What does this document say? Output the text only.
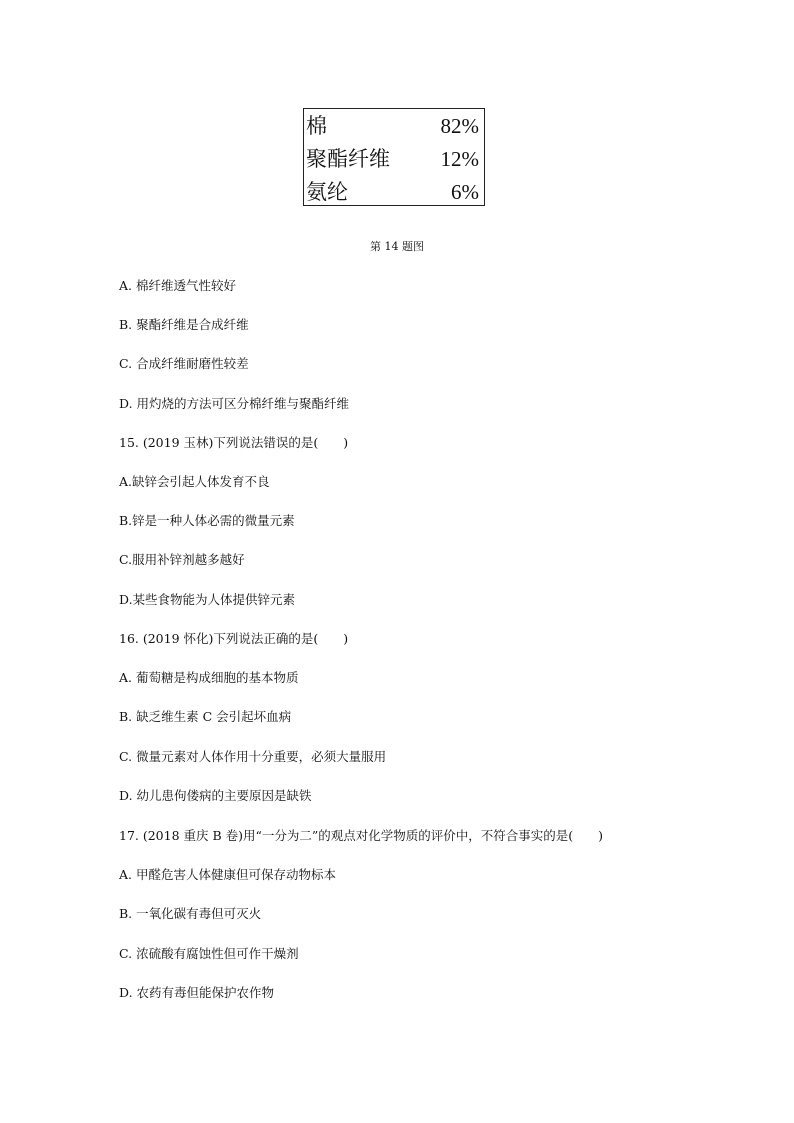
棉	82%
聚酯纤维 12%
氨纶	6%
第 14 题图
A. 棉纤维透气性较好
B. 聚酯纤维是合成纤维
C. 合成纤维耐磨性较差
D. 用灼烧的方法可区分棉纤维与聚酯纤维
15. (2019 玉林)下列说法错误的是(　　)
A.缺锌会引起人体发育不良
B.锌是一种人体必需的微量元素
C.服用补锌剂越多越好
D.某些食物能为人体提供锌元素
16. (2019 怀化)下列说法正确的是(　　)
A. 葡萄糖是构成细胞的基本物质
B. 缺乏维生素 C 会引起坏血病
C. 微量元素对人体作用十分重要，必须大量服用
D. 幼儿患佝偻病的主要原因是缺铁
17. (2018 重庆 B 卷)用“一分为二”的观点对化学物质的评价中，不符合事实的是(　　)
A. 甲醛危害人体健康但可保存动物标本
B. 一氧化碳有毒但可灭火
C. 浓硫酸有腐蚀性但可作干燥剂
D. 农药有毒但能保护农作物
